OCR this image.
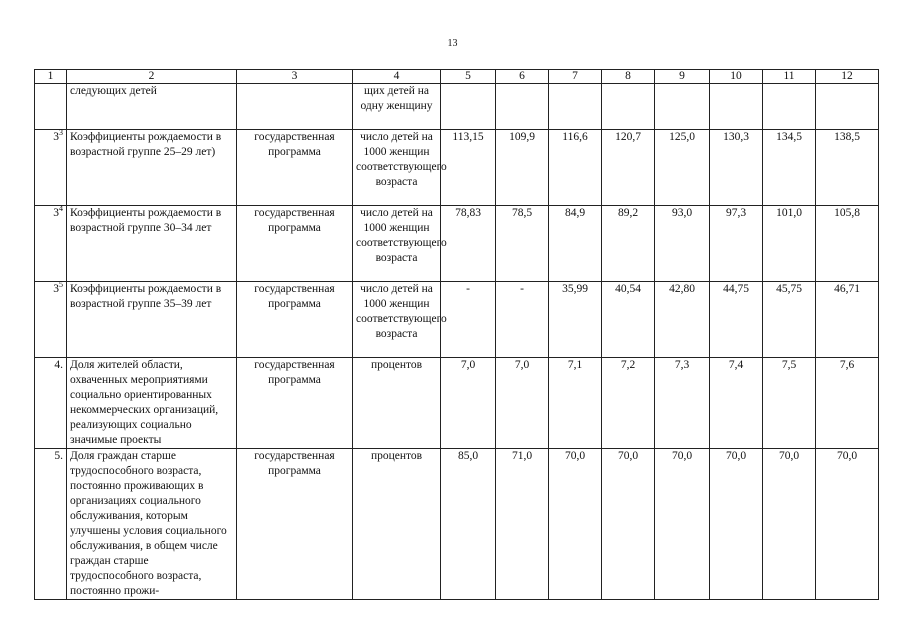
13
1	2	3	4	5	6	7	8	9	10	11	12
	следующих детей		щих детей на одну женщину								
$3^3$	Коэффициенты рождаемости в возрастной группе 25–29 лет)	государственная программа	число детей на 1000 женщин соответствующего возраста	113,15	109,9	116,6	120,7	125,0	130,3	134,5	138,5
$3^4$	Коэффициенты рождаемости в возрастной группе 30–34 лет	государственная программа	число детей на 1000 женщин соответствующего возраста	78,83	78,5	84,9	89,2	93,0	97,3	101,0	105,8
$3^5$	Коэффициенты рождаемости в возрастной группе 35–39 лет	государственная программа	число детей на 1000 женщин соответствующего возраста	-	-	35,99	40,54	42,80	44,75	45,75	46,71
4.	Доля жителей области, охваченных мероприятиями социально ориентированных некоммерческих организаций, реализующих социально значимые проекты	государственная программа	процентов	7,0	7,0	7,1	7,2	7,3	7,4	7,5	7,6
5.	Доля граждан старше трудоспособного возраста, постоянно проживающих в организациях социального обслуживания, которым улучшены условия социального обслуживания, в общем числе граждан старше трудоспособного возраста, постоянно прожи-	государственная программа	процентов	85,0	71,0	70,0	70,0	70,0	70,0	70,0	70,0
